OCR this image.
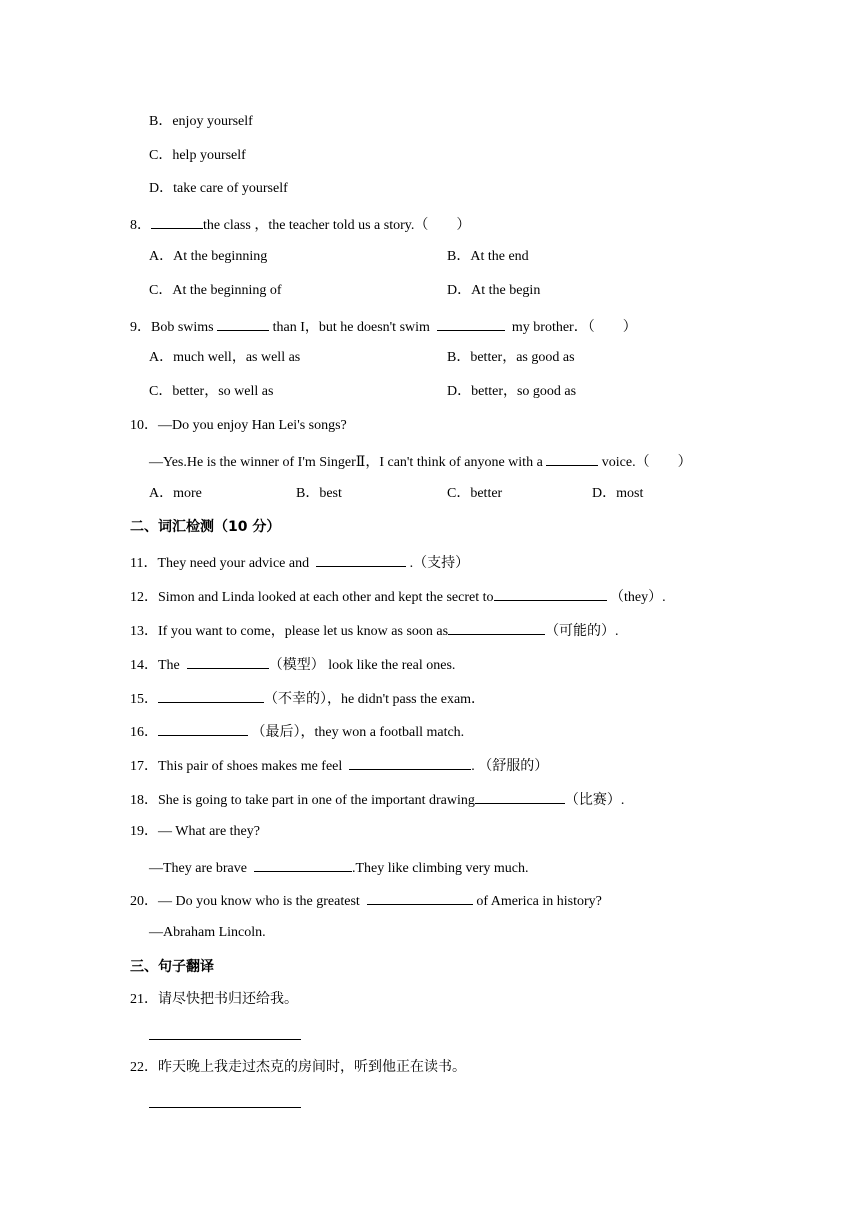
B．enjoy yourself
C．help yourself
D．take care of yourself
8．	the class ，the teacher told us a story.（　　）
A．At the beginning	B．At the end
C．At the beginning of	D．At the begin
9．Bob swims	than I，but he doesn't swim	my brother．（　　）
A．much well，as well as	B．better，as good as
C．better，so well as	D．better，so good as
10．—Do you enjoy Han Lei's songs?
—Yes.He is the winner of I'm SingerⅡ，I can't think of anyone with a	voice.（　　）
A．more	B．best	C．better	D．most
二、词汇检测（10 分）
11．They need your advice and	.（支持）
12．Simon and Linda looked at each other and kept the secret to	（they）.
13．If you want to come，please let us know as soon as	（可能的）.
14．The	（模型） look like the real ones.
15．	（不幸的），he didn't pass the exam．
16．	（最后），they won a football match.
17．This pair of shoes makes me feel	. （舒服的）
18．She is going to take part in one of the important drawing	（比赛）.
19．— What are they?
—They are brave	.They like climbing very much.
20．— Do you know who is the greatest	of America in history?
—Abraham Lincoln.
三、句子翻译
21．请尽快把书归还给我。
22．昨天晚上我走过杰克的房间时，听到他正在读书。
